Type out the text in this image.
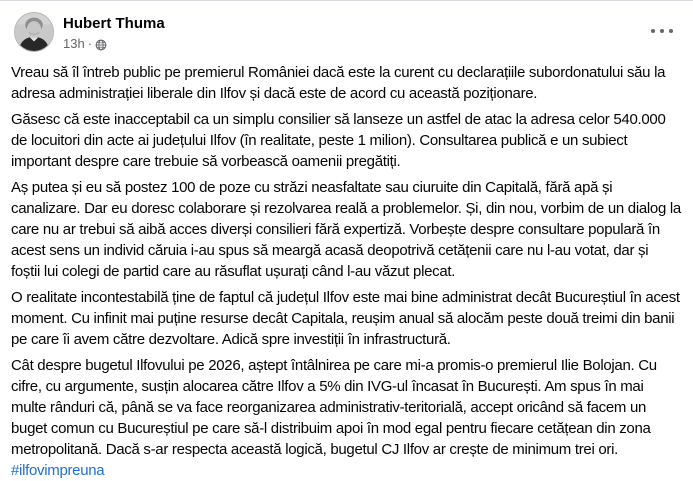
Hubert Thuma
13h ·

Vreau să îl întreb public pe premierul României dacă este la curent cu declarațiile subordonatului său la adresa administrației liberale din Ilfov și dacă este de acord cu această poziționare.

Găsesc că este inacceptabil ca un simplu consilier să lanseze un astfel de atac la adresa celor 540.000 de locuitori din acte ai județului Ilfov (în realitate, peste 1 milion). Consultarea publică e un subiect important despre care trebuie să vorbească oamenii pregătiți.

Aș putea și eu să postez 100 de poze cu străzi neasfaltate sau ciuruite din Capitală, fără apă și canalizare. Dar eu doresc colaborare și rezolvarea reală a problemelor. Și, din nou, vorbim de un dialog la care nu ar trebui să aibă acces diverși consilieri fără expertiză. Vorbește despre consultare populară în acest sens un individ căruia i-au spus să meargă acasă deopotrivă cetățenii care nu l-au votat, dar și foștii lui colegi de partid care au răsuflat ușurați când l-au văzut plecat.

O realitate incontestabilă ține de faptul că județul Ilfov este mai bine administrat decât Bucureștiul în acest moment. Cu infinit mai puține resurse decât Capitala, reușim anual să alocăm peste două treimi din banii pe care îi avem către dezvoltare. Adică spre investiții în infrastructură.

Cât despre bugetul Ilfovului pe 2026, aștept întâlnirea pe care mi-a promis-o premierul Ilie Bolojan. Cu cifre, cu argumente, susțin alocarea către Ilfov a 5% din IVG-ul încasat în București. Am spus în mai multe rânduri că, până se va face reorganizarea administrativ-teritorială, accept oricând să facem un buget comun cu Bucureștiul pe care să-l distribuim apoi în mod egal pentru fiecare cetățean din zona metropolitană. Dacă s-ar respecta această logică, bugetul CJ Ilfov ar crește de minimum trei ori.

#ilfovimpreuna
